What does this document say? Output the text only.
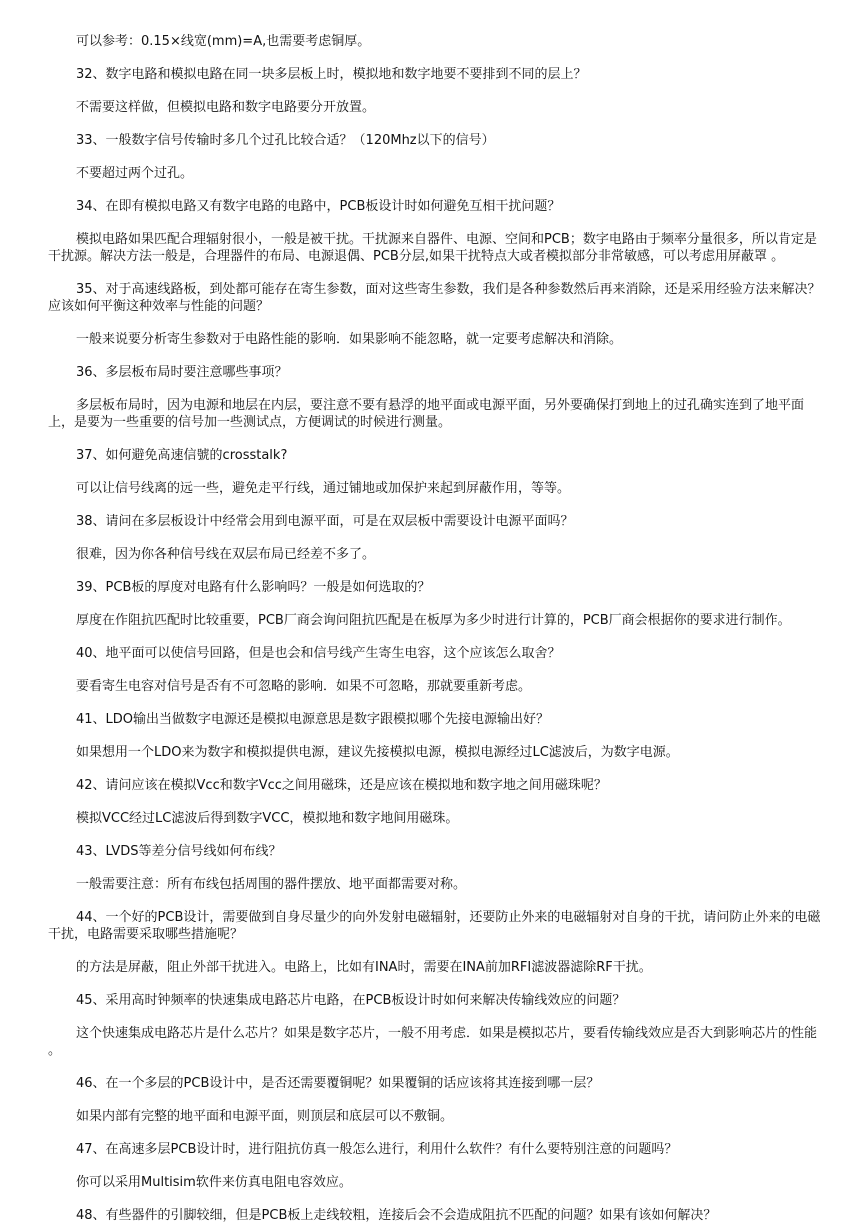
可以参考：0.15×线宽(mm)=A,也需要考虑铜厚。

32、数字电路和模拟电路在同一块多层板上时，模拟地和数字地要不要排到不同的层上？

不需要这样做，但模拟电路和数字电路要分开放置。

33、一般数字信号传输时多几个过孔比较合适？（120Mhz以下的信号）

不要超过两个过孔。

34、在即有模拟电路又有数字电路的电路中，PCB板设计时如何避免互相干扰问题？

模拟电路如果匹配合理辐射很小，一般是被干扰。干扰源来自器件、电源、空间和PCB；数字电路由于频率分量很多，所以肯定是干扰源。解决方法一般是，合理器件的布局、电源退偶、PCB分层,如果干扰特点大或者模拟部分非常敏感，可以考虑用屏蔽罩 。

35、对于高速线路板，到处都可能存在寄生参数，面对这些寄生参数，我们是各种参数然后再来消除，还是采用经验方法来解决？应该如何平衡这种效率与性能的问题？

一般来说要分析寄生参数对于电路性能的影响．如果影响不能忽略，就一定要考虑解决和消除。

36、多层板布局时要注意哪些事项？

多层板布局时，因为电源和地层在内层，要注意不要有悬浮的地平面或电源平面，另外要确保打到地上的过孔确实连到了地平面上，是要为一些重要的信号加一些测试点，方便调试的时候进行测量。

37、如何避免高速信號的crosstalk?

可以让信号线离的远一些，避免走平行线，通过铺地或加保护来起到屏蔽作用，等等。

38、请问在多层板设计中经常会用到电源平面，可是在双层板中需要设计电源平面吗？

很难，因为你各种信号线在双层布局已经差不多了。

39、PCB板的厚度对电路有什么影响吗？一般是如何选取的？

厚度在作阻抗匹配时比较重要，PCB厂商会询问阻抗匹配是在板厚为多少时进行计算的，PCB厂商会根据你的要求进行制作。

40、地平面可以使信号回路，但是也会和信号线产生寄生电容，这个应该怎么取舍？

要看寄生电容对信号是否有不可忽略的影响．如果不可忽略，那就要重新考虑。

41、LDO输出当做数字电源还是模拟电源意思是数字跟模拟哪个先接电源输出好？

如果想用一个LDO来为数字和模拟提供电源，建议先接模拟电源，模拟电源经过LC滤波后，为数字电源。

42、请问应该在模拟Vcc和数字Vcc之间用磁珠，还是应该在模拟地和数字地之间用磁珠呢？

模拟VCC经过LC滤波后得到数字VCC，模拟地和数字地间用磁珠。

43、LVDS等差分信号线如何布线？

一般需要注意：所有布线包括周围的器件摆放、地平面都需要对称。

44、一个好的PCB设计，需要做到自身尽量少的向外发射电磁辐射，还要防止外来的电磁辐射对自身的干扰，请问防止外来的电磁干扰，电路需要采取哪些措施呢？

的方法是屏蔽，阻止外部干扰进入。电路上，比如有INA时，需要在INA前加RFI滤波器滤除RF干扰。

45、采用高时钟频率的快速集成电路芯片电路，在PCB板设计时如何来解决传输线效应的问题？

这个快速集成电路芯片是什么芯片？如果是数字芯片，一般不用考虑．如果是模拟芯片，要看传输线效应是否大到影响芯片的性能 。

46、在一个多层的PCB设计中，是否还需要覆铜呢？如果覆铜的话应该将其连接到哪一层？

如果内部有完整的地平面和电源平面，则顶层和底层可以不敷铜。

47、在高速多层PCB设计时，进行阻抗仿真一般怎么进行，利用什么软件？有什么要特别注意的问题吗？

你可以采用Multisim软件来仿真电阻电容效应。

48、有些器件的引脚较细，但是PCB板上走线较粗，连接后会不会造成阻抗不匹配的问题？如果有该如何解决？
